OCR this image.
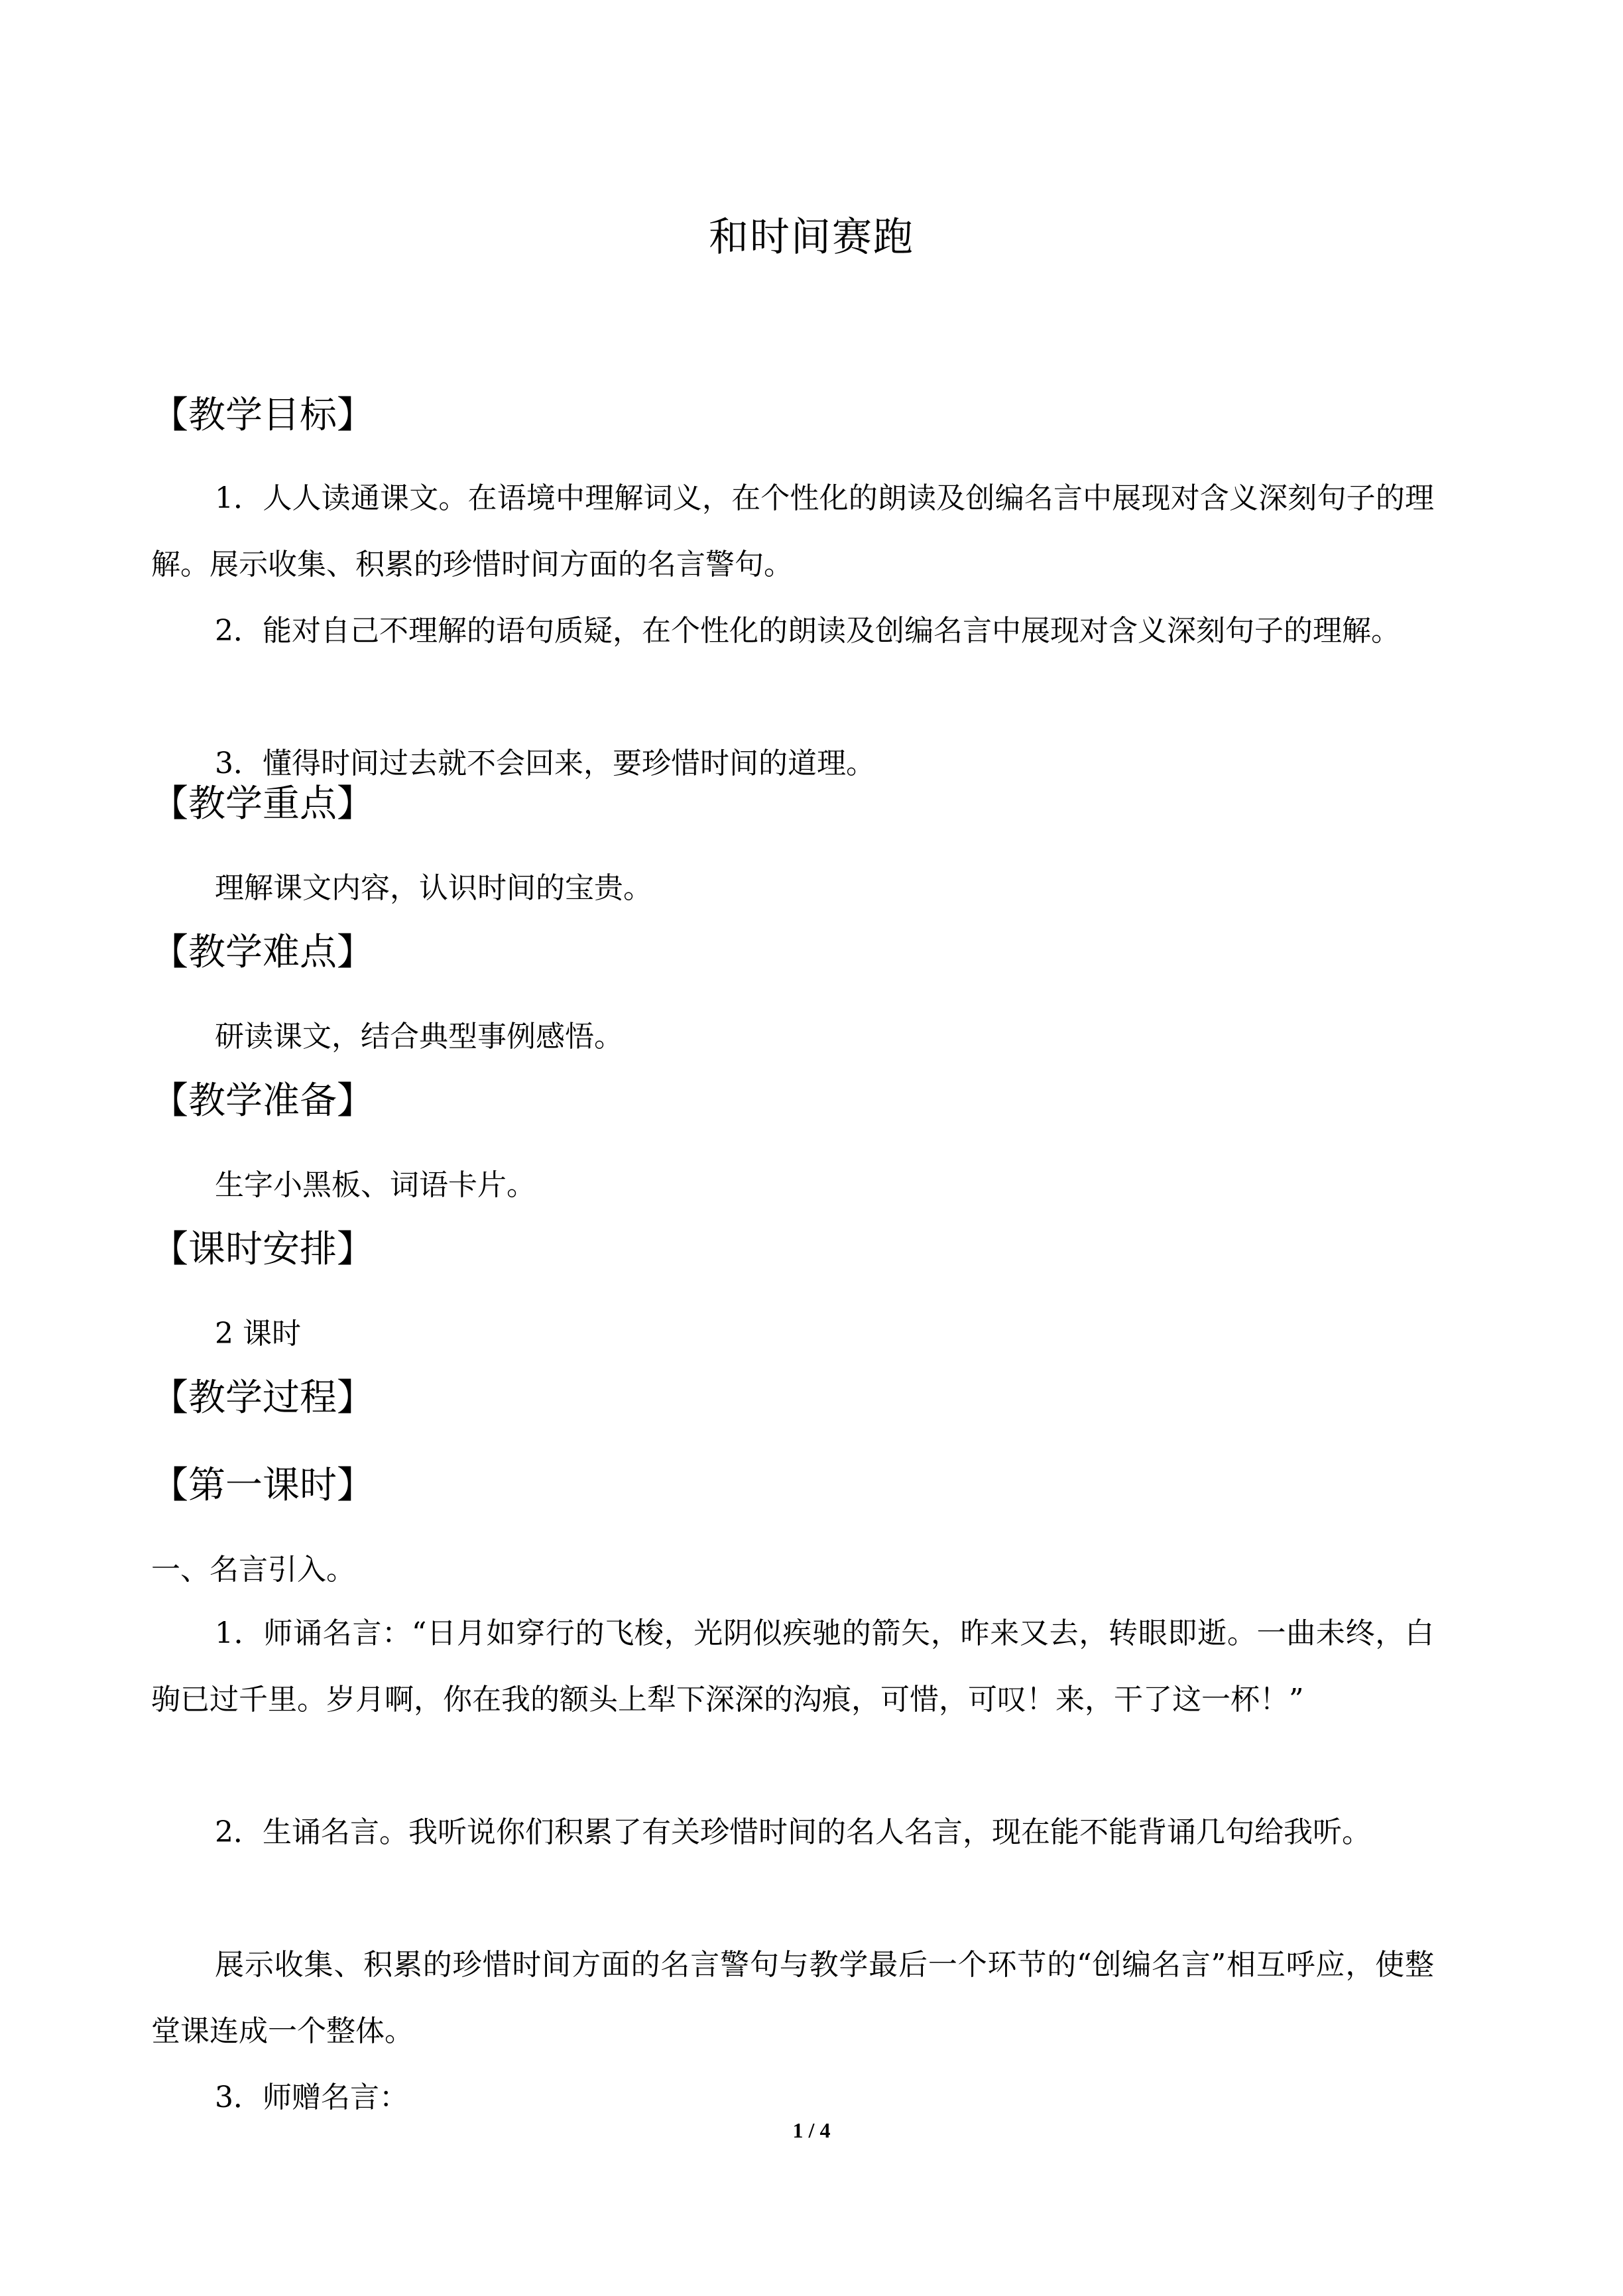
和时间赛跑
【教学目标】
1．人人读通课文。在语境中理解词义，在个性化的朗读及创编名言中展现对含义深刻句子的理解。展示收集、积累的珍惜时间方面的名言警句。
2．能对自己不理解的语句质疑，在个性化的朗读及创编名言中展现对含义深刻句子的理解。
3．懂得时间过去就不会回来，要珍惜时间的道理。
【教学重点】
理解课文内容，认识时间的宝贵。
【教学难点】
研读课文，结合典型事例感悟。
【教学准备】
生字小黑板、词语卡片。
【课时安排】
2 课时
【教学过程】
【第一课时】
一、名言引入。
1．师诵名言：“日月如穿行的飞梭，光阴似疾驰的箭矢，昨来又去，转眼即逝。一曲未终，白驹已过千里。岁月啊，你在我的额头上犁下深深的沟痕，可惜，可叹！来，干了这一杯！”
2．生诵名言。我听说你们积累了有关珍惜时间的名人名言，现在能不能背诵几句给我听。
展示收集、积累的珍惜时间方面的名言警句与教学最后一个环节的“创编名言”相互呼应，使整堂课连成一个整体。
3．师赠名言：
1 / 4
